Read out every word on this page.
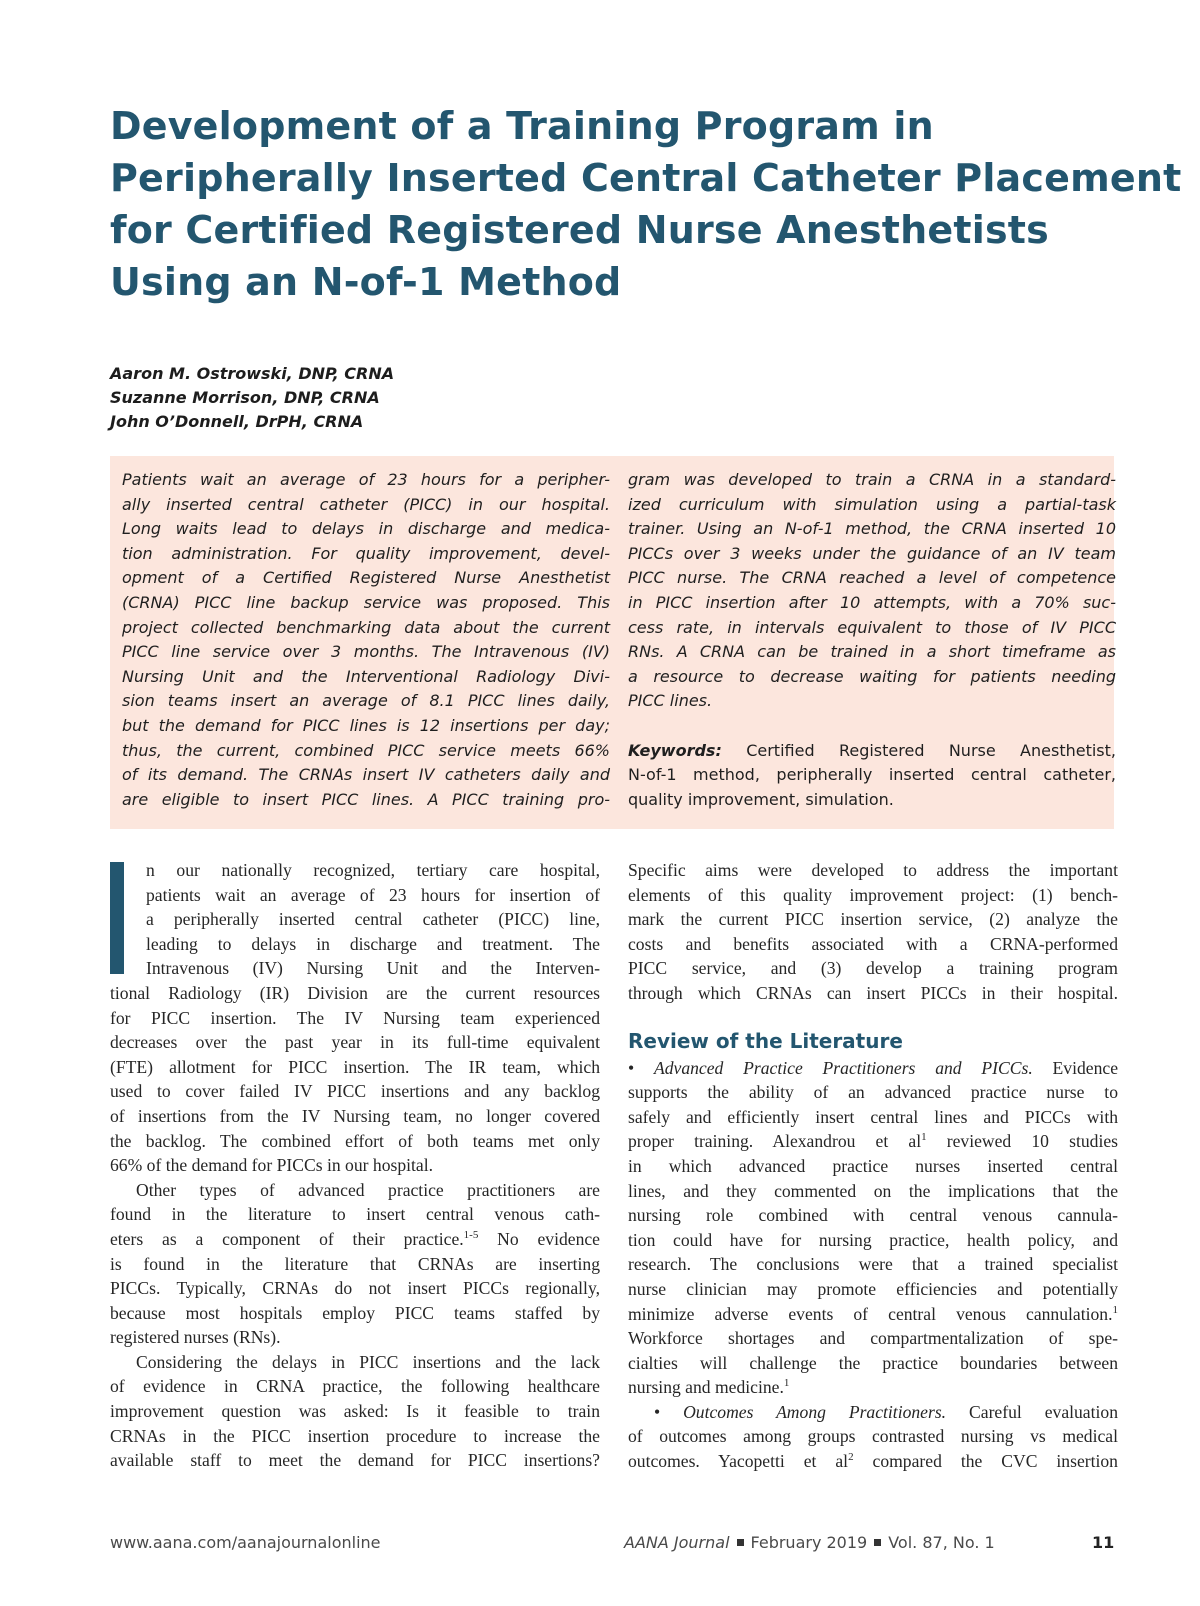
Development of a Training Program in
Peripherally Inserted Central Catheter Placement
for Certified Registered Nurse Anesthetists
Using an N-of-1 Method
Aaron M. Ostrowski, DNP, CRNA
Suzanne Morrison, DNP, CRNA
John O’Donnell, DrPH, CRNA
Patients wait an average of 23 hours for a peripher-
ally inserted central catheter (PICC) in our hospital.
Long waits lead to delays in discharge and medica-
tion administration. For quality improvement, devel-
opment of a Certified Registered Nurse Anesthetist
(CRNA) PICC line backup service was proposed. This
project collected benchmarking data about the current
PICC line service over 3 months. The Intravenous (IV)
Nursing Unit and the Interventional Radiology Divi-
sion teams insert an average of 8.1 PICC lines daily,
but the demand for PICC lines is 12 insertions per day;
thus, the current, combined PICC service meets 66%
of its demand. The CRNAs insert IV catheters daily and
are eligible to insert PICC lines. A PICC training pro-
gram was developed to train a CRNA in a standard-
ized curriculum with simulation using a partial-task
trainer. Using an N-of-1 method, the CRNA inserted 10
PICCs over 3 weeks under the guidance of an IV team
PICC nurse. The CRNA reached a level of competence
in PICC insertion after 10 attempts, with a 70% suc-
cess rate, in intervals equivalent to those of IV PICC
RNs. A CRNA can be trained in a short timeframe as
a resource to decrease waiting for patients needing
PICC lines.
Keywords: Certified Registered Nurse Anesthetist,
N-of-1 method, peripherally inserted central catheter,
quality improvement, simulation.
n our nationally recognized, tertiary care hospital,
patients wait an average of 23 hours for insertion of
a peripherally inserted central catheter (PICC) line,
leading to delays in discharge and treatment. The
Intravenous (IV) Nursing Unit and the Interven-
tional Radiology (IR) Division are the current resources
for PICC insertion. The IV Nursing team experienced
decreases over the past year in its full-time equivalent
(FTE) allotment for PICC insertion. The IR team, which
used to cover failed IV PICC insertions and any backlog
of insertions from the IV Nursing team, no longer covered
the backlog. The combined effort of both teams met only
66% of the demand for PICCs in our hospital.
Other types of advanced practice practitioners are
found in the literature to insert central venous cath-
eters as a component of their practice.$^{1-5}$ No evidence
is found in the literature that CRNAs are inserting
PICCs. Typically, CRNAs do not insert PICCs regionally,
because most hospitals employ PICC teams staffed by
registered nurses (RNs).
Considering the delays in PICC insertions and the lack
of evidence in CRNA practice, the following healthcare
improvement question was asked: Is it feasible to train
CRNAs in the PICC insertion procedure to increase the
available staff to meet the demand for PICC insertions?
Specific aims were developed to address the important
elements of this quality improvement project: (1) bench-
mark the current PICC insertion service, (2) analyze the
costs and benefits associated with a CRNA-performed
PICC service, and (3) develop a training program
through which CRNAs can insert PICCs in their hospital.
Review of the Literature
• Advanced Practice Practitioners and PICCs. Evidence
supports the ability of an advanced practice nurse to
safely and efficiently insert central lines and PICCs with
proper training. Alexandrou et $al^1$ reviewed 10 studies
in which advanced practice nurses inserted central
lines, and they commented on the implications that the
nursing role combined with central venous cannula-
tion could have for nursing practice, health policy, and
research. The conclusions were that a trained specialist
nurse clinician may promote efficiencies and potentially
minimize adverse events of central venous cannulation.$^1$
Workforce shortages and compartmentalization of spe-
cialties will challenge the practice boundaries between
nursing and medicine.$^1$
• Outcomes Among Practitioners. Careful evaluation
of outcomes among groups contrasted nursing vs medical
outcomes. Yacopetti et $al^2$ compared the CVC insertion
www.aana.com/aanajournalonline	AANA Journal February 2019 Vol. 87, No. 1	11
